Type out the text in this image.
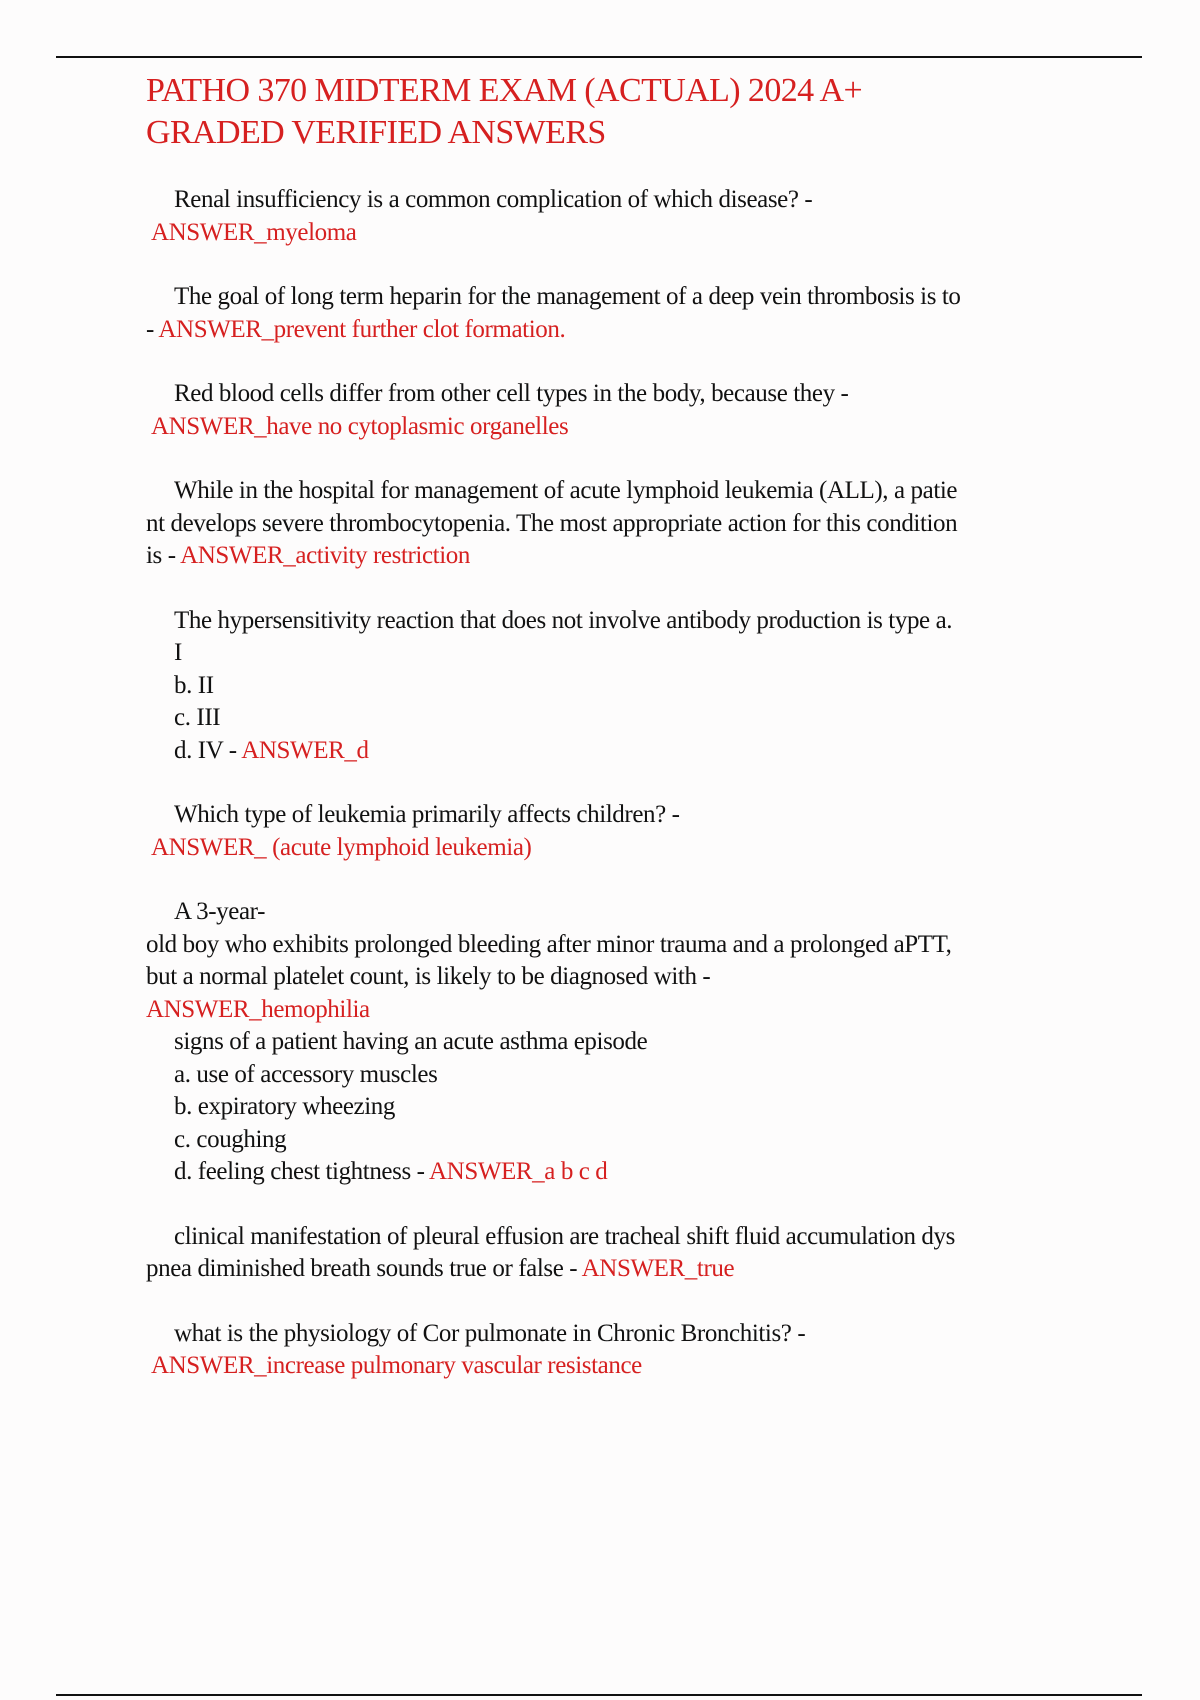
PATHO 370 MIDTERM EXAM (ACTUAL) 2024 A+
GRADED VERIFIED ANSWERS
Renal insufficiency is a common complication of which disease? -
ANSWER_myeloma
The goal of long term heparin for the management of a deep vein thrombosis is to
- ANSWER_prevent further clot formation.
Red blood cells differ from other cell types in the body, because they -
ANSWER_have no cytoplasmic organelles
While in the hospital for management of acute lymphoid leukemia (ALL), a patie
nt develops severe thrombocytopenia. The most appropriate action for this condition
is - ANSWER_activity restriction
The hypersensitivity reaction that does not involve antibody production is type a.
I
b. II
c. III
d. IV - ANSWER_d
Which type of leukemia primarily affects children? -
ANSWER_ (acute lymphoid leukemia)
A 3-year-
old boy who exhibits prolonged bleeding after minor trauma and a prolonged aPTT,
but a normal platelet count, is likely to be diagnosed with -
ANSWER_hemophilia
signs of a patient having an acute asthma episode
a. use of accessory muscles
b. expiratory wheezing
c. coughing
d. feeling chest tightness - ANSWER_a b c d
clinical manifestation of pleural effusion are tracheal shift fluid accumulation dys
pnea diminished breath sounds true or false - ANSWER_true
what is the physiology of Cor pulmonate in Chronic Bronchitis? -
ANSWER_increase pulmonary vascular resistance
